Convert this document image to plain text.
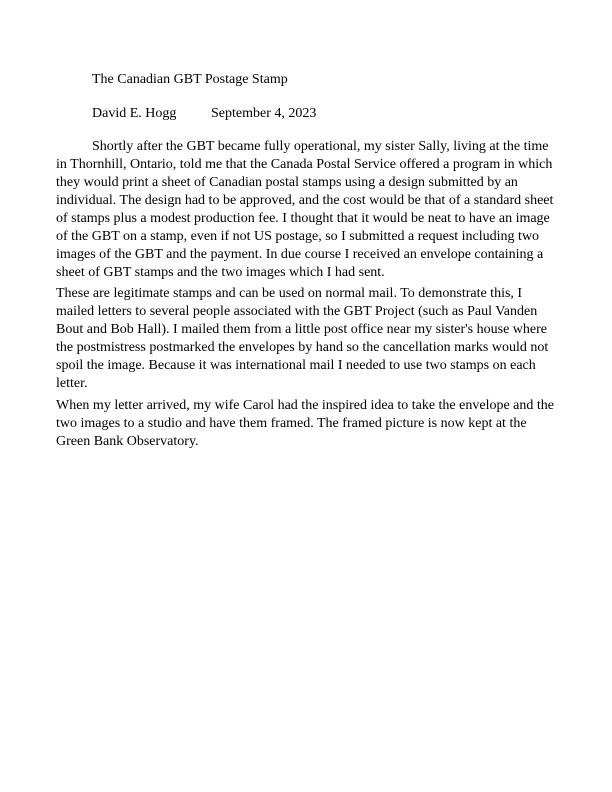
The Canadian GBT Postage Stamp
David E. Hogg September 4, 2023

Shortly after the GBT became fully operational, my sister Sally, living at the time

in Thornhill, Ontario, told me that the Canada Postal Service offered a program in which

they would print a sheet of Canadian postal stamps using a design submitted by an

individual. The design had to be approved, and the cost would be that of a standard sheet

of stamps plus a modest production fee. I thought that it would be neat to have an image

of the GBT on a stamp, even if not US postage, so I submitted a request including two

images of the GBT and the payment. In due course I received an envelope containing a

sheet of GBT stamps and the two images which I had sent.

These are legitimate stamps and can be used on normal mail. To demonstrate this, I

mailed letters to several people associated with the GBT Project (such as Paul Vanden

Bout and Bob Hall). I mailed them from a little post office near my sister's house where

the postmistress postmarked the envelopes by hand so the cancellation marks would not

spoil the image. Because it was international mail I needed to use two stamps on each

letter.

When my letter arrived, my wife Carol had the inspired idea to take the envelope and the

two images to a studio and have them framed. The framed picture is now kept at the

Green Bank Observatory.
